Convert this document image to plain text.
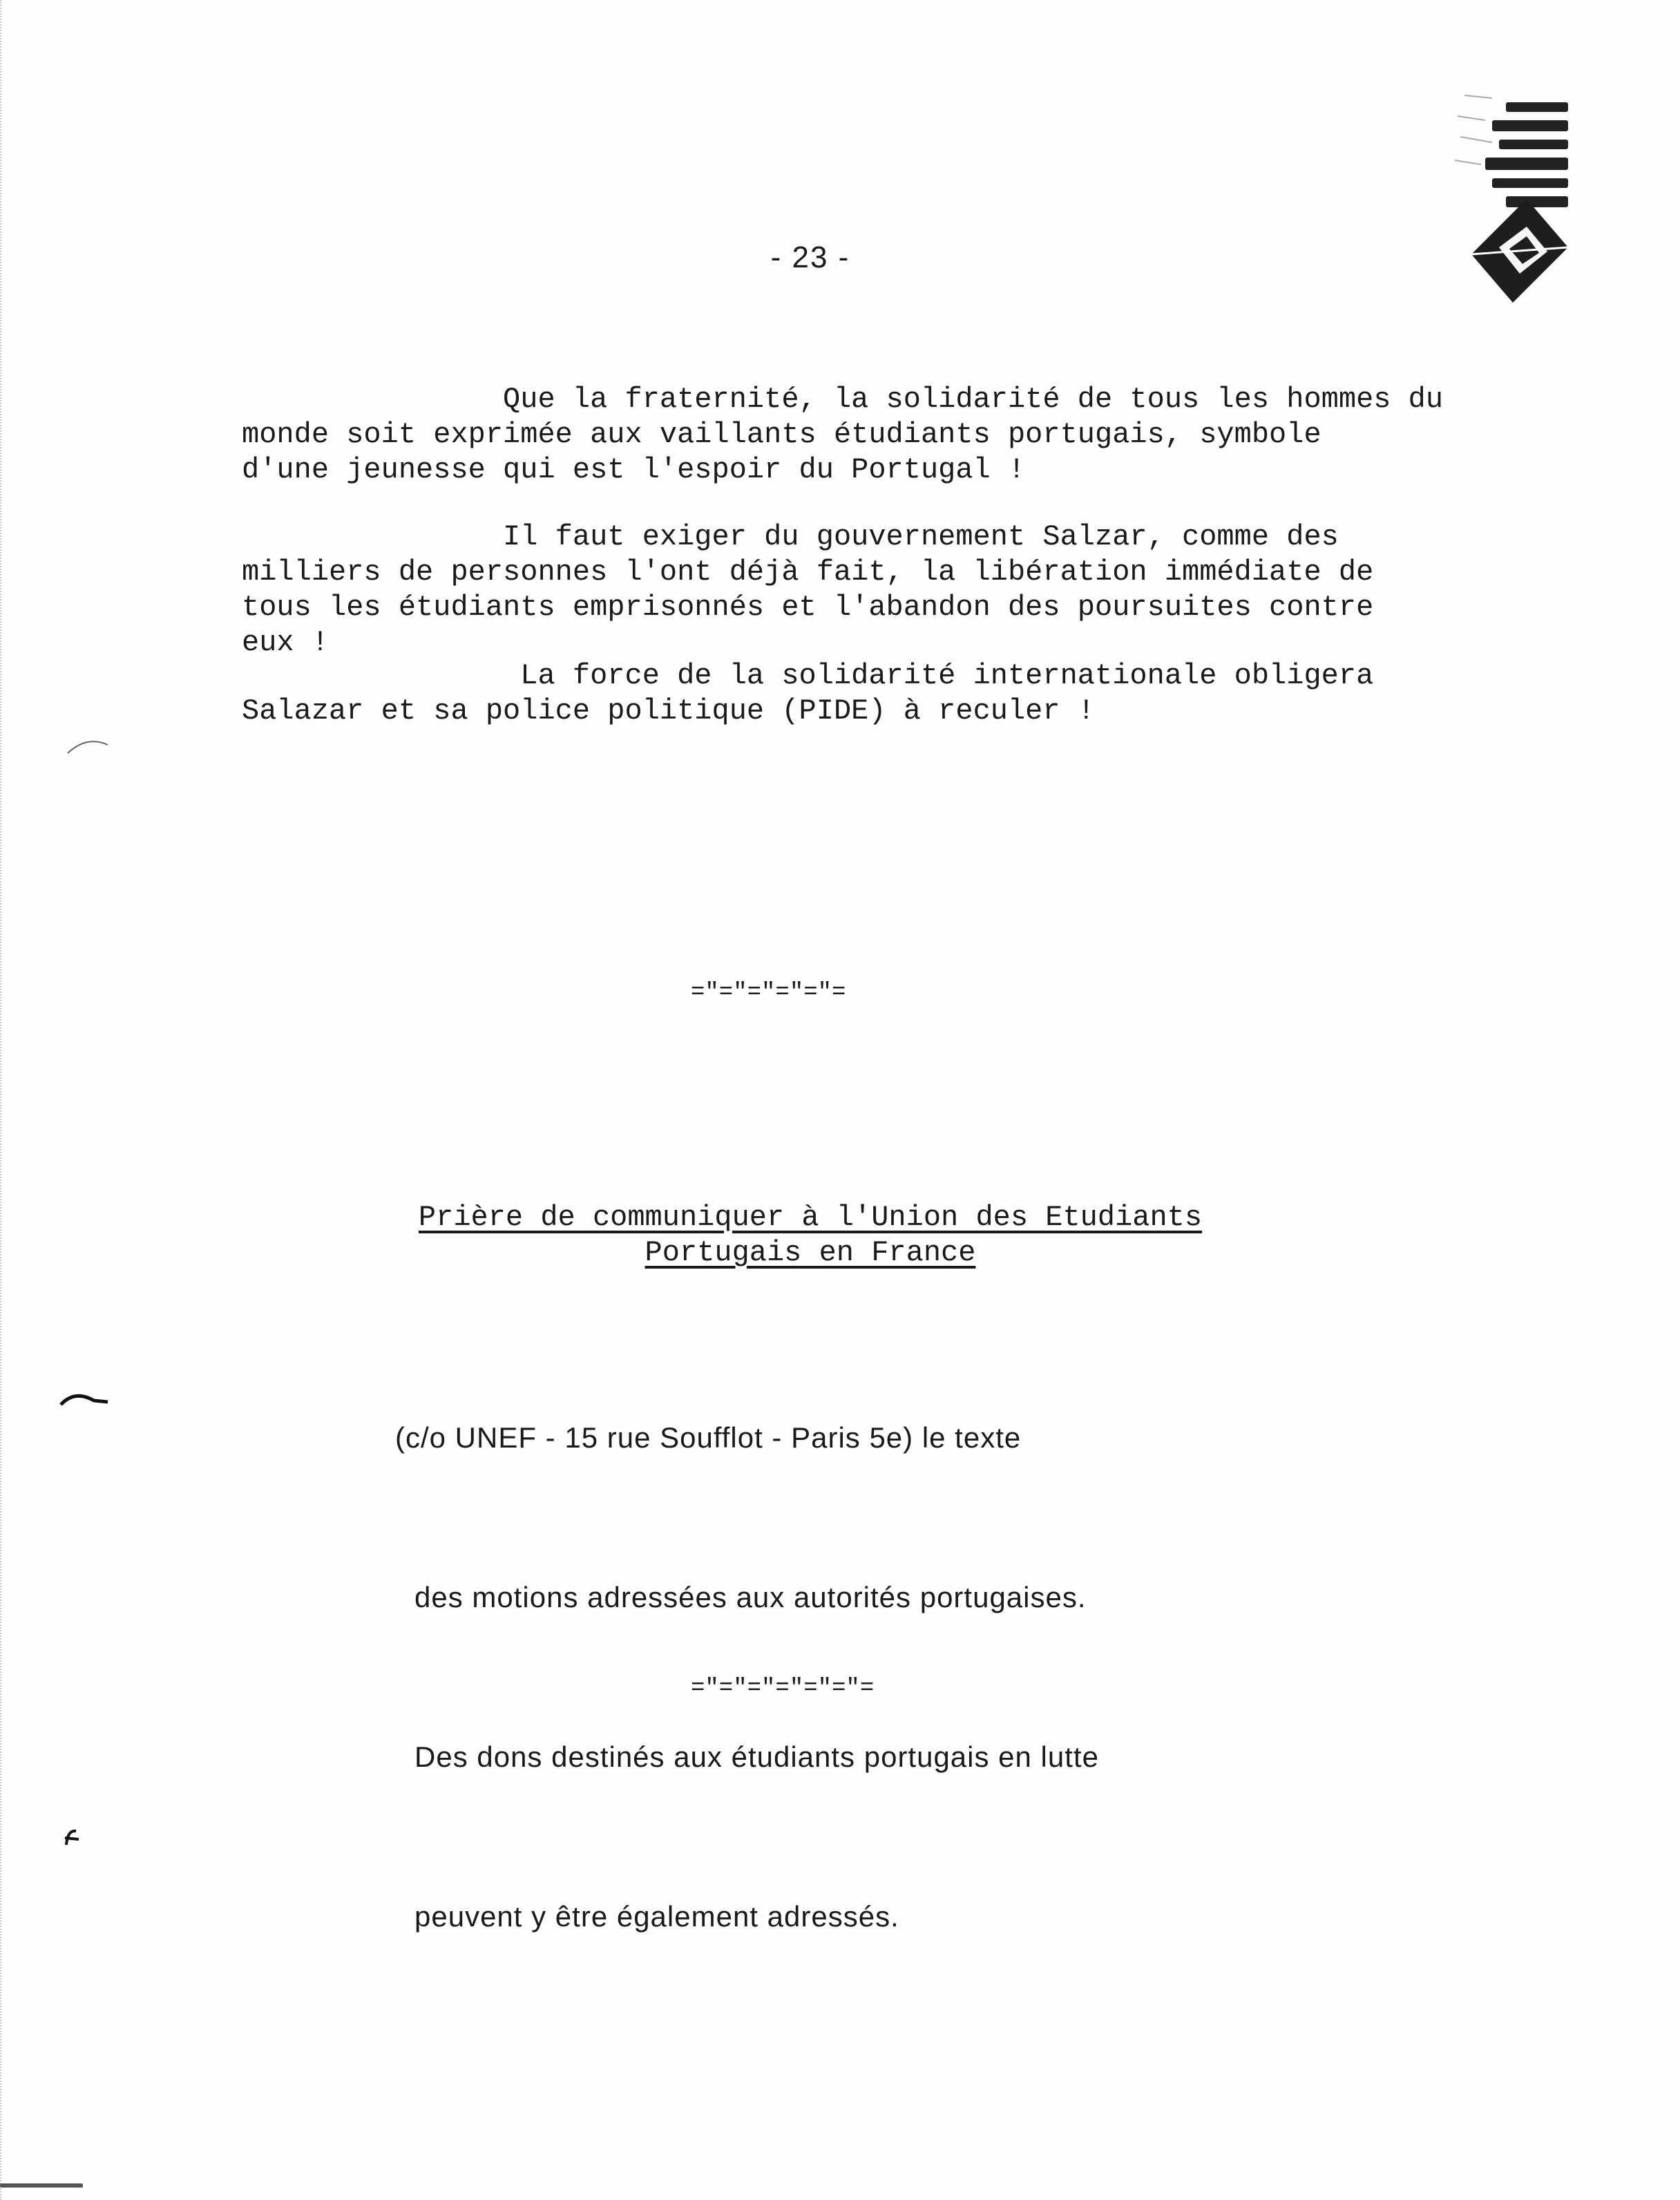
- 23 -
Que la fraternité, la solidarité de tous les hommes du
monde soit exprimée aux vaillants étudiants portugais, symbole
d'une jeunesse qui est l'espoir du Portugal !
Il faut exiger du gouvernement Salzar, comme des
milliers de personnes l'ont déjà fait, la libération immédiate de
tous les étudiants emprisonnés et l'abandon des poursuites contre
eux !
La force de la solidarité internationale obligera
Salazar et sa police politique (PIDE) à reculer !
="="="="="=
Prière de communiquer à l'Union des Etudiants
Portugais en France

(c/o UNEF - 15 rue Soufflot - Paris 5e) le texte

des motions adressées aux autorités portugaises.

Des dons destinés aux étudiants portugais en lutte

peuvent y être également adressés.

="="="="="="=
